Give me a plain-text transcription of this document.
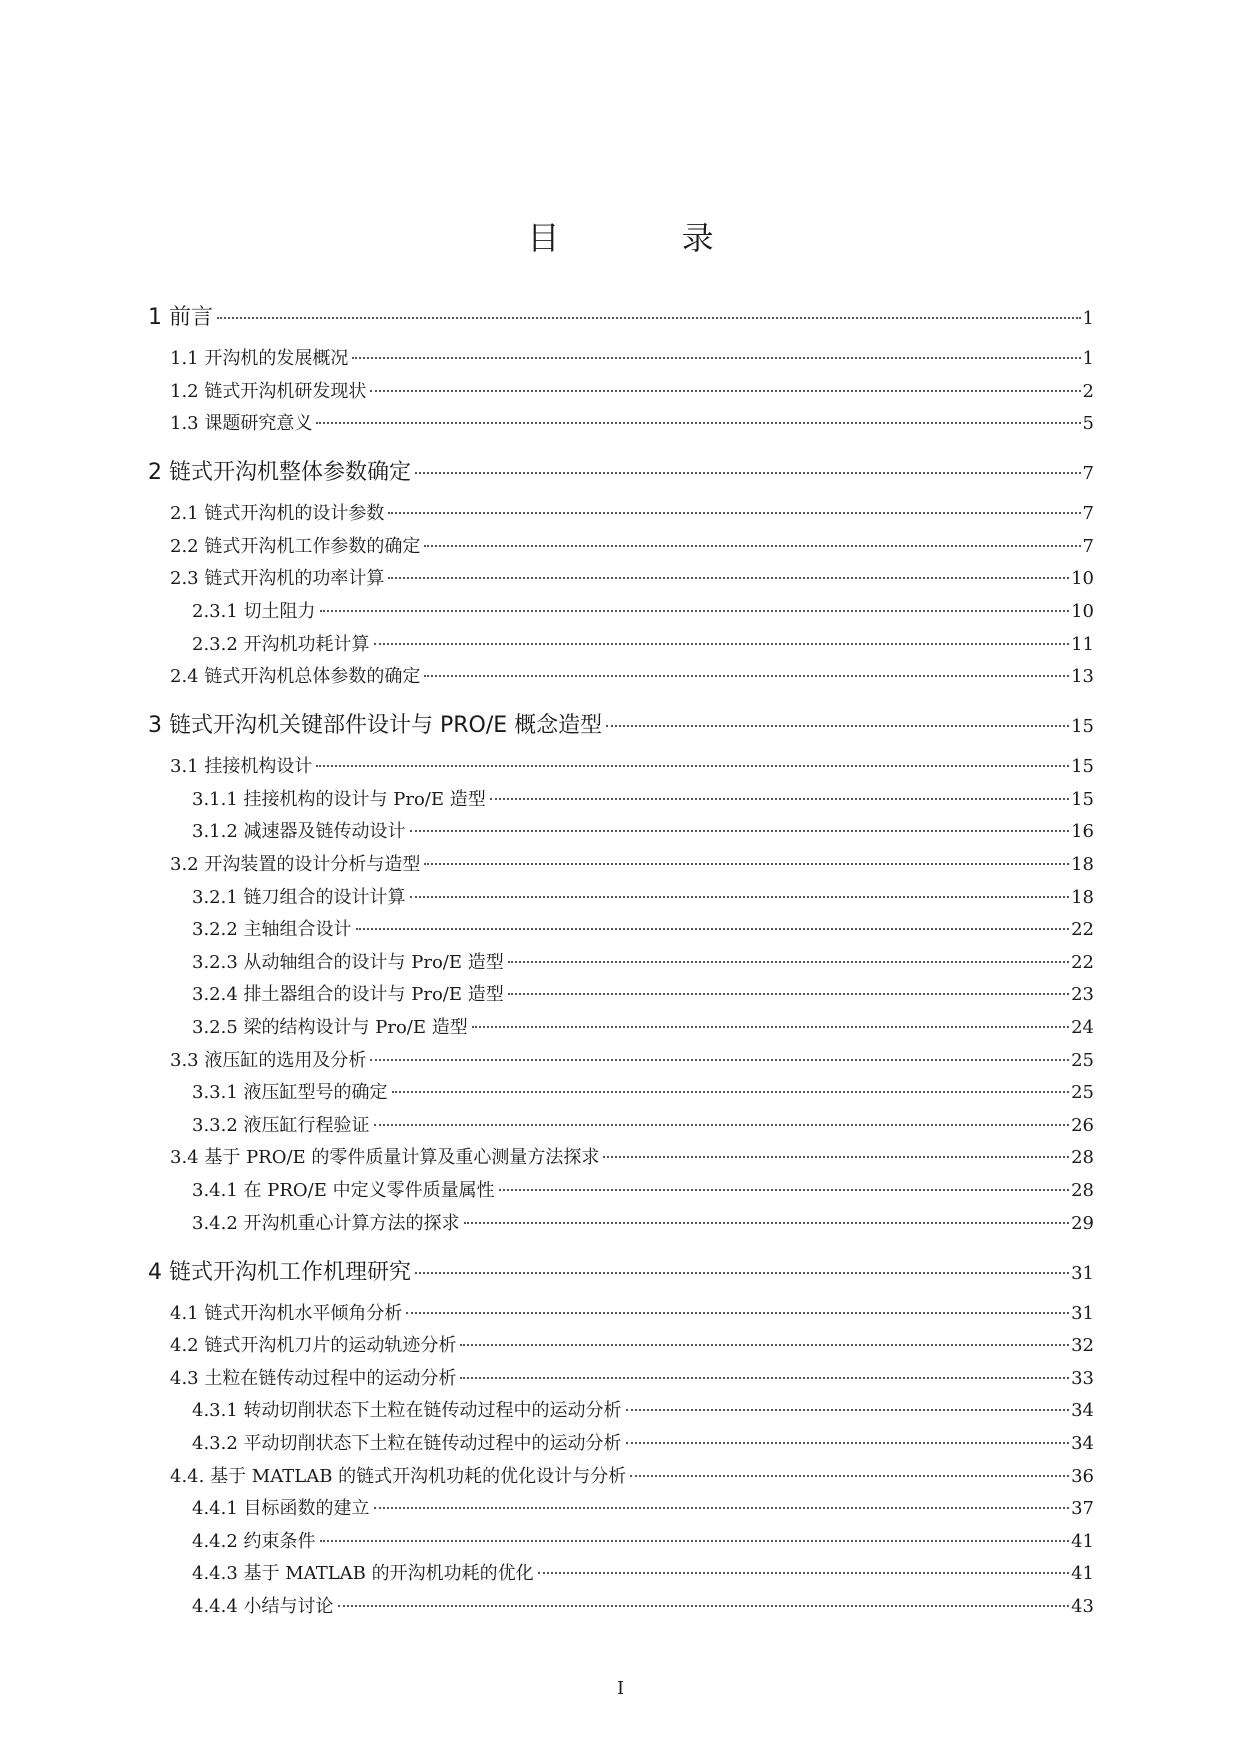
目 录
1 前言	1
1.1 开沟机的发展概况	1
1.2 链式开沟机研发现状	2
1.3 课题研究意义	5
2 链式开沟机整体参数确定	7
2.1 链式开沟机的设计参数	7
2.2 链式开沟机工作参数的确定	7
2.3 链式开沟机的功率计算	10
2.3.1 切土阻力	10
2.3.2 开沟机功耗计算	11
2.4 链式开沟机总体参数的确定	13
3 链式开沟机关键部件设计与 PRO/E 概念造型	15
3.1 挂接机构设计	15
3.1.1 挂接机构的设计与 Pro/E 造型	15
3.1.2 减速器及链传动设计	16
3.2 开沟装置的设计分析与造型	18
3.2.1 链刀组合的设计计算	18
3.2.2 主轴组合设计	22
3.2.3 从动轴组合的设计与 Pro/E 造型	22
3.2.4 排土器组合的设计与 Pro/E 造型	23
3.2.5 梁的结构设计与 Pro/E 造型	24
3.3 液压缸的选用及分析	25
3.3.1 液压缸型号的确定	25
3.3.2 液压缸行程验证	26
3.4 基于 PRO/E 的零件质量计算及重心测量方法探求	28
3.4.1 在 PRO/E 中定义零件质量属性	28
3.4.2 开沟机重心计算方法的探求	29
4 链式开沟机工作机理研究	31
4.1 链式开沟机水平倾角分析	31
4.2 链式开沟机刀片的运动轨迹分析	32
4.3 土粒在链传动过程中的运动分析	33
4.3.1 转动切削状态下土粒在链传动过程中的运动分析	34
4.3.2 平动切削状态下土粒在链传动过程中的运动分析	34
4.4. 基于 MATLAB 的链式开沟机功耗的优化设计与分析	36
4.4.1 目标函数的建立	37
4.4.2 约束条件	41
4.4.3 基于 MATLAB 的开沟机功耗的优化	41
4.4.4 小结与讨论	43
I
